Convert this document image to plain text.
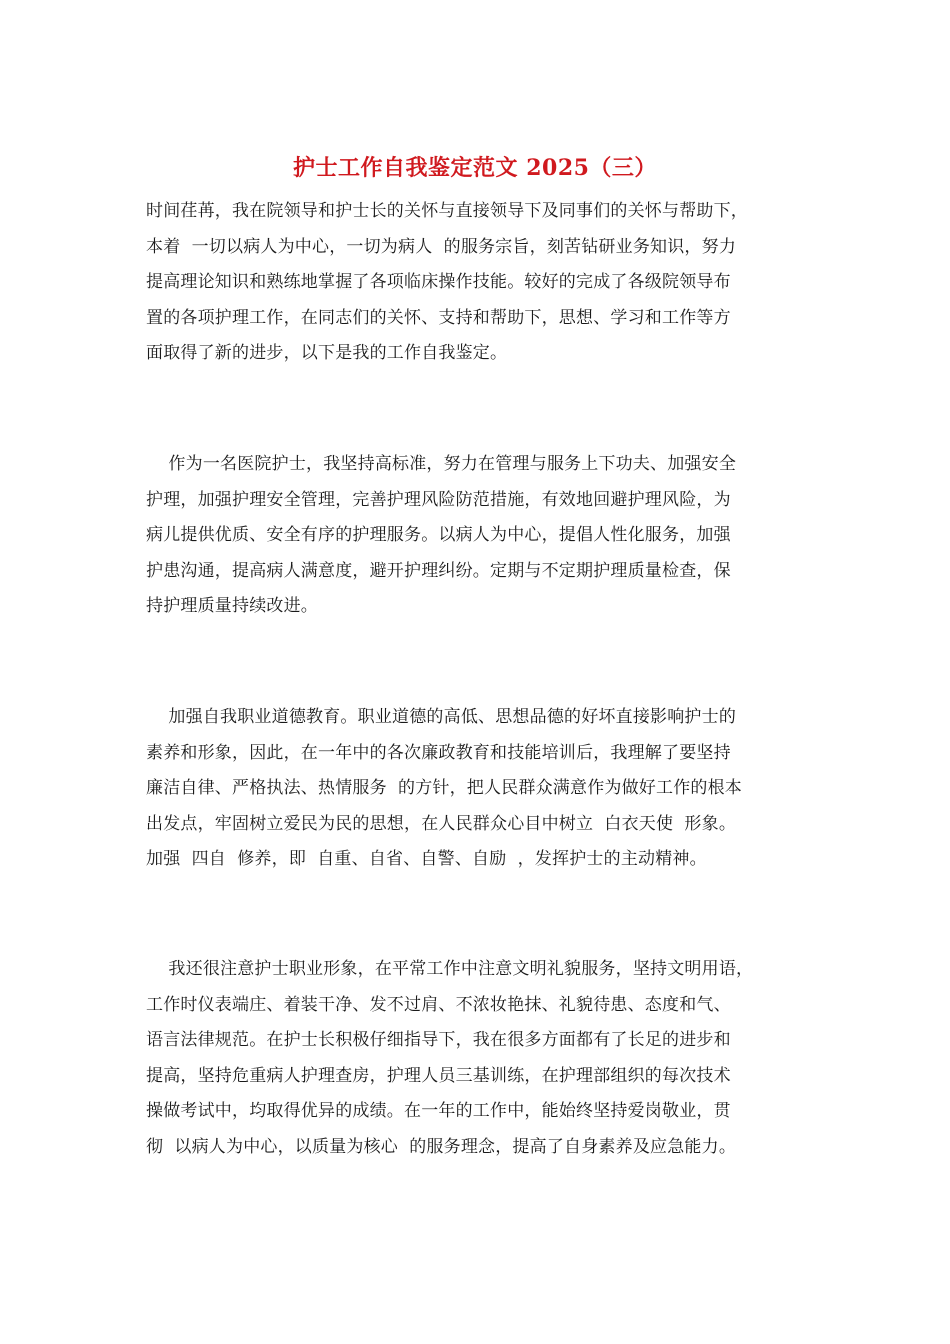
护士工作自我鉴定范文 2025（三）
时间荏苒，我在院领导和护士长的关怀与直接领导下及同事们的关怀与帮助下，
本着  一切以病人为中心，一切为病人  的服务宗旨，刻苦钻研业务知识，努力
提高理论知识和熟练地掌握了各项临床操作技能。较好的完成了各级院领导布
置的各项护理工作，在同志们的关怀、支持和帮助下，思想、学习和工作等方
面取得了新的进步，以下是我的工作自我鉴定。
作为一名医院护士，我坚持高标准，努力在管理与服务上下功夫、加强安全
护理，加强护理安全管理，完善护理风险防范措施，有效地回避护理风险，为
病儿提供优质、安全有序的护理服务。以病人为中心，提倡人性化服务，加强
护患沟通，提高病人满意度，避开护理纠纷。定期与不定期护理质量检查，保
持护理质量持续改进。
加强自我职业道德教育。职业道德的高低、思想品德的好坏直接影响护士的
素养和形象，因此，在一年中的各次廉政教育和技能培训后，我理解了要坚持
廉洁自律、严格执法、热情服务  的方针，把人民群众满意作为做好工作的根本
出发点，牢固树立爱民为民的思想，在人民群众心目中树立  白衣天使  形象。
加强  四自  修养，即  自重、自省、自警、自励  ，发挥护士的主动精神。
我还很注意护士职业形象，在平常工作中注意文明礼貌服务，坚持文明用语，
工作时仪表端庄、着装干净、发不过肩、不浓妆艳抹、礼貌待患、态度和气、
语言法律规范。在护士长积极仔细指导下，我在很多方面都有了长足的进步和
提高，坚持危重病人护理查房，护理人员三基训练，在护理部组织的每次技术
操做考试中，均取得优异的成绩。在一年的工作中，能始终坚持爱岗敬业，贯
彻  以病人为中心，以质量为核心  的服务理念，提高了自身素养及应急能力。
